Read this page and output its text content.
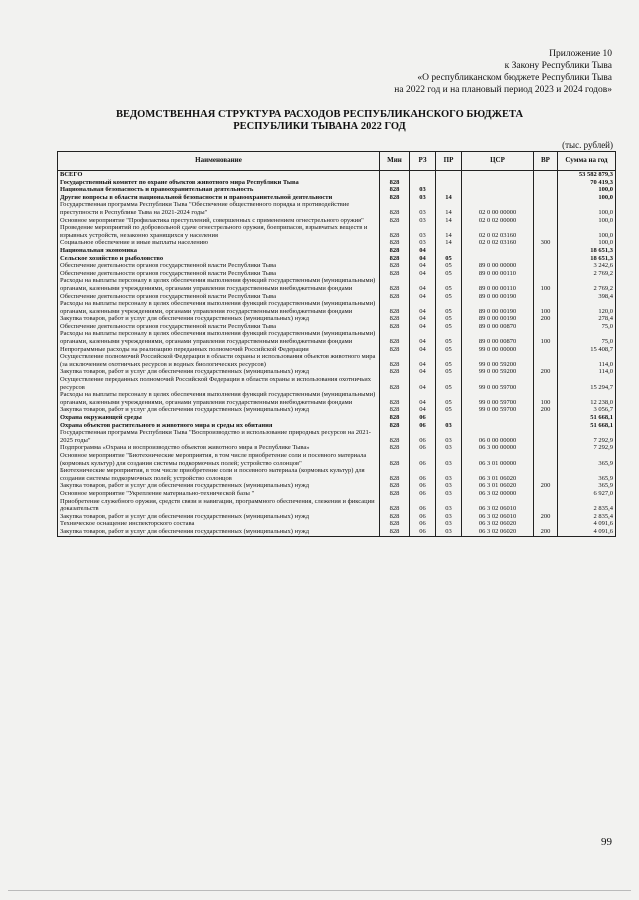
Приложение 10
к Закону Республики Тыва
«О республиканском бюджете Республики Тыва
на 2022 год и на плановый период 2023 и 2024 годов»
ВЕДОМСТВЕННАЯ СТРУКТУРА РАСХОДОВ РЕСПУБЛИКАНСКОГО БЮДЖЕТА
РЕСПУБЛИКИ ТЫВАНА 2022 ГОД
(тыс. рублей)
Наименование	Мин	РЗ	ПР	ЦСР	ВР	Сумма на год
ВСЕГО						53 582 879,3
Государственный комитет по охране объектов животного мира Республики Тыва	828					70 419,3
Национальная безопасность и правоохранительная деятельность	828	03				100,0
Другие вопросы в области национальной безопасности и правоохранительной деятельности	828	03	14			100,0
Государственная программа Республики Тыва "Обеспечение общественного порядка и противодействие преступности в Республике Тыва на 2021-2024 годы"	828	03	14	02 0 00 00000		100,0
Основное мероприятие "Профилактика преступлений, совершенных с применением огнестрельного оружия"	828	03	14	02 0 02 00000		100,0
Проведение мероприятий по добровольной сдаче огнестрельного оружия, боеприпасов, взрывчатых веществ и взрывных устройств, незаконно хранящихся у населения	828	03	14	02 0 02 03160		100,0
Социальное обеспечение и иные выплаты населению	828	03	14	02 0 02 03160	300	100,0
Национальная экономика	828	04				18 651,3
Сельское хозяйство и рыболовство	828	04	05			18 651,3
Обеспечение деятельности органов государственной власти Республики Тыва	828	04	05	89 0 00 00000		3 242,6
Обеспечение деятельности органов государственной власти Республики Тыва	828	04	05	89 0 00 00110		2 769,2
Расходы на выплаты персоналу в целях обеспечения выполнения функций государственными (муниципальными) органами, казенными учреждениями, органами управления государственными внебюджетными фондами	828	04	05	89 0 00 00110	100	2 769,2
Обеспечение деятельности органов государственной власти Республики Тыва	828	04	05	89 0 00 00190		398,4
Расходы на выплаты персоналу в целях обеспечения выполнения функций государственными (муниципальными) органами, казенными учреждениями, органами управления государственными внебюджетными фондами	828	04	05	89 0 00 00190	100	120,0
Закупка товаров, работ и услуг для обеспечения государственных (муниципальных) нужд	828	04	05	89 0 00 00190	200	278,4
Обеспечение деятельности органов государственной власти Республики Тыва	828	04	05	89 0 00 00870		75,0
Расходы на выплаты персоналу в целях обеспечения выполнения функций государственными (муниципальными) органами, казенными учреждениями, органами управления государственными внебюджетными фондами	828	04	05	89 0 00 00870	100	75,0
Непрограммные расходы на реализацию переданных полномочий Российской Федерации	828	04	05	99 0 00 00000		15 408,7
Осуществление полномочий Российской Федерации в области охраны и использования объектов животного мира (за исключением охотничьих ресурсов и водных биологических ресурсов)	828	04	05	99 0 00 59200		114,0
Закупка товаров, работ и услуг для обеспечения государственных (муниципальных) нужд	828	04	05	99 0 00 59200	200	114,0
Осуществление переданных полномочий Российской Федерации в области охраны и использования охотничьих ресурсов	828	04	05	99 0 00 59700		15 294,7
Расходы на выплаты персоналу в целях обеспечения выполнения функций государственными (муниципальными) органами, казенными учреждениями, органами управления государственными внебюджетными фондами	828	04	05	99 0 00 59700	100	12 238,0
Закупка товаров, работ и услуг для обеспечения государственных (муниципальных) нужд	828	04	05	99 0 00 59700	200	3 056,7
Охрана окружающей среды	828	06				51 668,1
Охрана объектов растительного и животного мира и среды их обитания	828	06	03			51 668,1
Государственная программа Республики Тыва "Воспроизводство и использование природных ресурсов на 2021-2025 годы"	828	06	03	06 0 00 00000		7 292,9
Подпрограмма «Охрана и воспроизводство объектов животного мира в Республике Тыва»	828	06	03	06 3 00 00000		7 292,9
Основное мероприятие "Биотехнические мероприятия, в том числе приобретение соли и посевного материала (кормовых культур) для создания системы подкормочных полей; устройство солонцов"	828	06	03	06 3 01 00000		365,9
Биотехнические мероприятия, в том числе приобретение соли и посевного материала (кормовых культур) для создания системы подкормочных полей; устройство солонцов	828	06	03	06 3 01 06020		365,9
Закупка товаров, работ и услуг для обеспечения государственных (муниципальных) нужд	828	06	03	06 3 01 06020	200	365,9
Основное мероприятие "Укрепление материально-технической базы "	828	06	03	06 3 02 00000		6 927,0
Приобретение служебного оружия, средств связи и навигации, программного обеспечения, слежения и фиксации доказательств	828	06	03	06 3 02 06010		2 835,4
Закупка товаров, работ и услуг для обеспечения государственных (муниципальных) нужд	828	06	03	06 3 02 06010	200	2 835,4
Техническое оснащение инспекторского состава	828	06	03	06 3 02 06020		4 091,6
Закупка товаров, работ и услуг для обеспечения государственных (муниципальных) нужд	828	06	03	06 3 02 06020	200	4 091,6
99
